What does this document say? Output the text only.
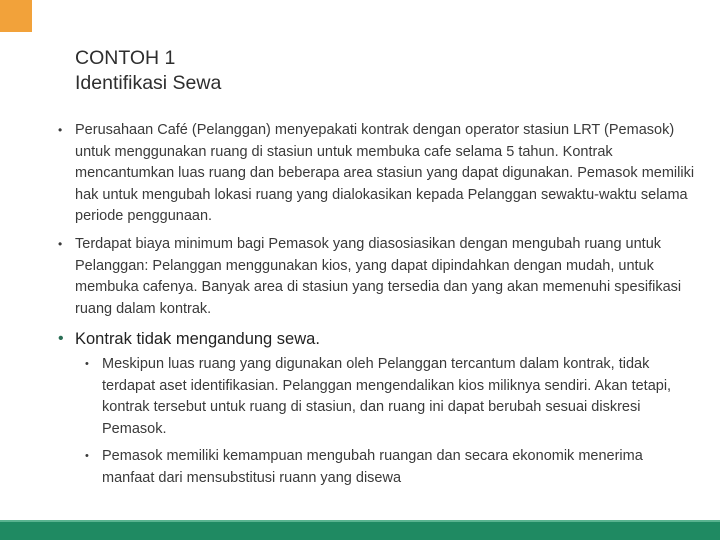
CONTOH 1
Identifikasi Sewa
• Perusahaan Café (Pelanggan) menyepakati kontrak dengan operator stasiun LRT (Pemasok) untuk menggunakan ruang di stasiun untuk membuka cafe selama 5 tahun. Kontrak mencantumkan luas ruang dan beberapa area stasiun yang dapat digunakan. Pemasok memiliki hak untuk mengubah lokasi ruang yang dialokasikan kepada Pelanggan sewaktu-waktu selama periode penggunaan.
• Terdapat biaya minimum bagi Pemasok yang diasosiasikan dengan mengubah ruang untuk Pelanggan: Pelanggan menggunakan kios, yang dapat dipindahkan dengan mudah, untuk membuka cafenya. Banyak area di stasiun yang tersedia dan yang akan memenuhi spesifikasi ruang dalam kontrak.
• Kontrak tidak mengandung sewa.
• Meskipun luas ruang yang digunakan oleh Pelanggan tercantum dalam kontrak, tidak terdapat aset identifikasian. Pelanggan mengendalikan kios miliknya sendiri. Akan tetapi, kontrak tersebut untuk ruang di stasiun, dan ruang ini dapat berubah sesuai diskresi Pemasok.
• Pemasok memiliki kemampuan mengubah ruangan dan secara ekonomik menerima manfaat dari mensubstitusi ruann yang disewa
